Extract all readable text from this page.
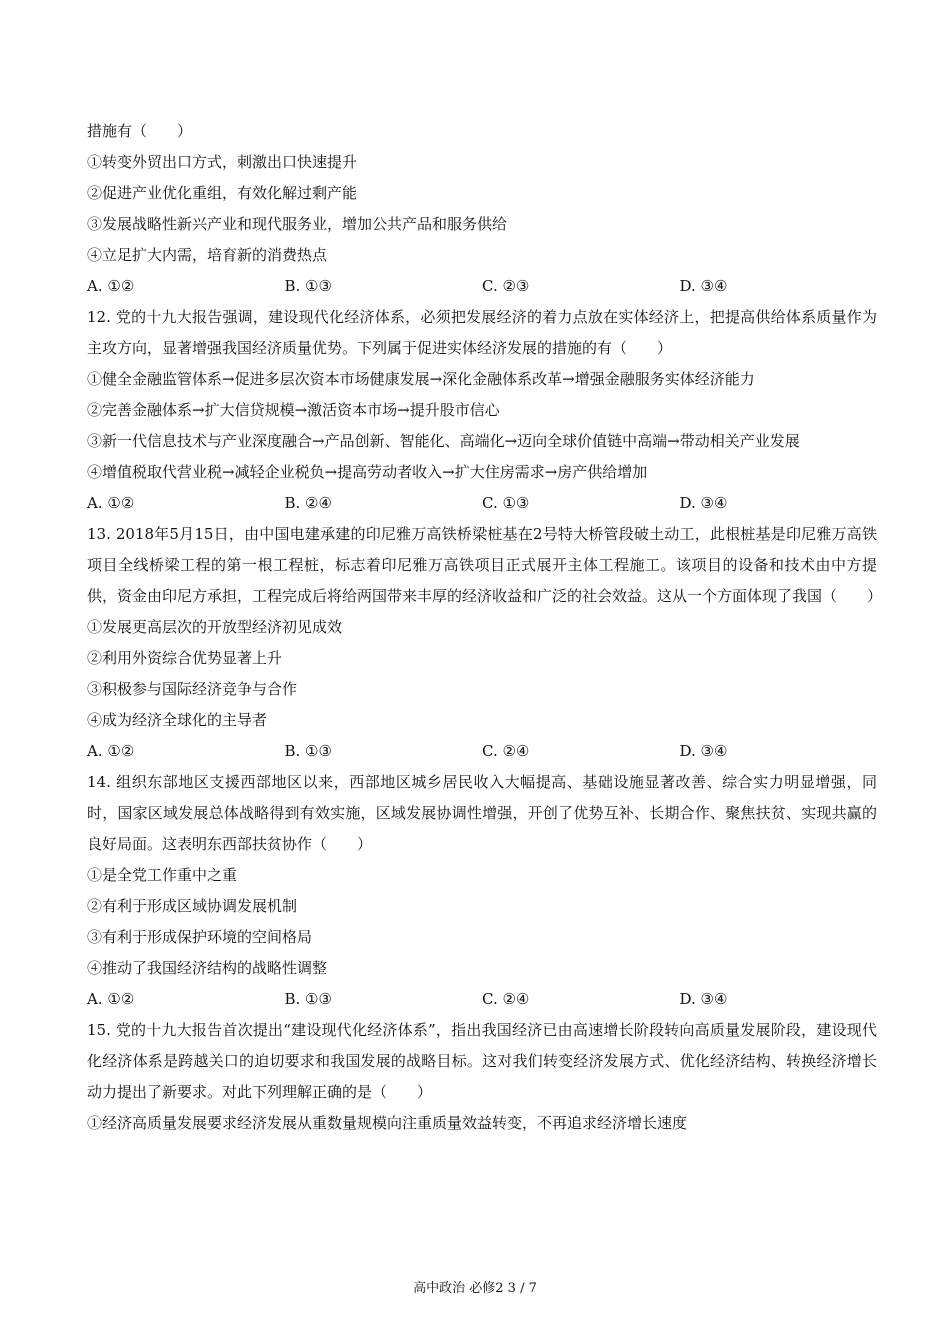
措施有（　　）
①转变外贸出口方式，刺激出口快速提升
②促进产业优化重组，有效化解过剩产能
③发展战略性新兴产业和现代服务业，增加公共产品和服务供给
④立足扩大内需，培育新的消费热点
A. ①②	B. ①③	C. ②③	D. ③④
12. 党的十九大报告强调，建设现代化经济体系，必须把发展经济的着力点放在实体经济上，把提高供给体系质量作为主攻方向，显著增强我国经济质量优势。下列属于促进实体经济发展的措施的有（　　）
①健全金融监管体系→促进多层次资本市场健康发展→深化金融体系改革→增强金融服务实体经济能力
②完善金融体系→扩大信贷规模→激活资本市场→提升股市信心
③新一代信息技术与产业深度融合→产品创新、智能化、高端化→迈向全球价值链中高端→带动相关产业发展
④增值税取代营业税→减轻企业税负→提高劳动者收入→扩大住房需求→房产供给增加
A. ①②	B. ②④	C. ①③	D. ③④
13. 2018年5月15日，由中国电建承建的印尼雅万高铁桥梁桩基在2号特大桥管段破土动工，此根桩基是印尼雅万高铁项目全线桥梁工程的第一根工程桩，标志着印尼雅万高铁项目正式展开主体工程施工。该项目的设备和技术由中方提供，资金由印尼方承担，工程完成后将给两国带来丰厚的经济收益和广泛的社会效益。这从一个方面体现了我国（　　）
①发展更高层次的开放型经济初见成效
②利用外资综合优势显著上升
③积极参与国际经济竞争与合作
④成为经济全球化的主导者
A. ①②	B. ①③	C. ②④	D. ③④
14. 组织东部地区支援西部地区以来，西部地区城乡居民收入大幅提高、基础设施显著改善、综合实力明显增强，同时，国家区域发展总体战略得到有效实施，区域发展协调性增强，开创了优势互补、长期合作、聚焦扶贫、实现共赢的良好局面。这表明东西部扶贫协作（　　）
①是全党工作重中之重
②有利于形成区域协调发展机制
③有利于形成保护环境的空间格局
④推动了我国经济结构的战略性调整
A. ①②	B. ①③	C. ②④	D. ③④
15. 党的十九大报告首次提出“建设现代化经济体系”，指出我国经济已由高速增长阶段转向高质量发展阶段，建设现代化经济体系是跨越关口的迫切要求和我国发展的战略目标。这对我们转变经济发展方式、优化经济结构、转换经济增长动力提出了新要求。对此下列理解正确的是（　　）
①经济高质量发展要求经济发展从重数量规模向注重质量效益转变，不再追求经济增长速度
高中政治 必修2 3 / 7
